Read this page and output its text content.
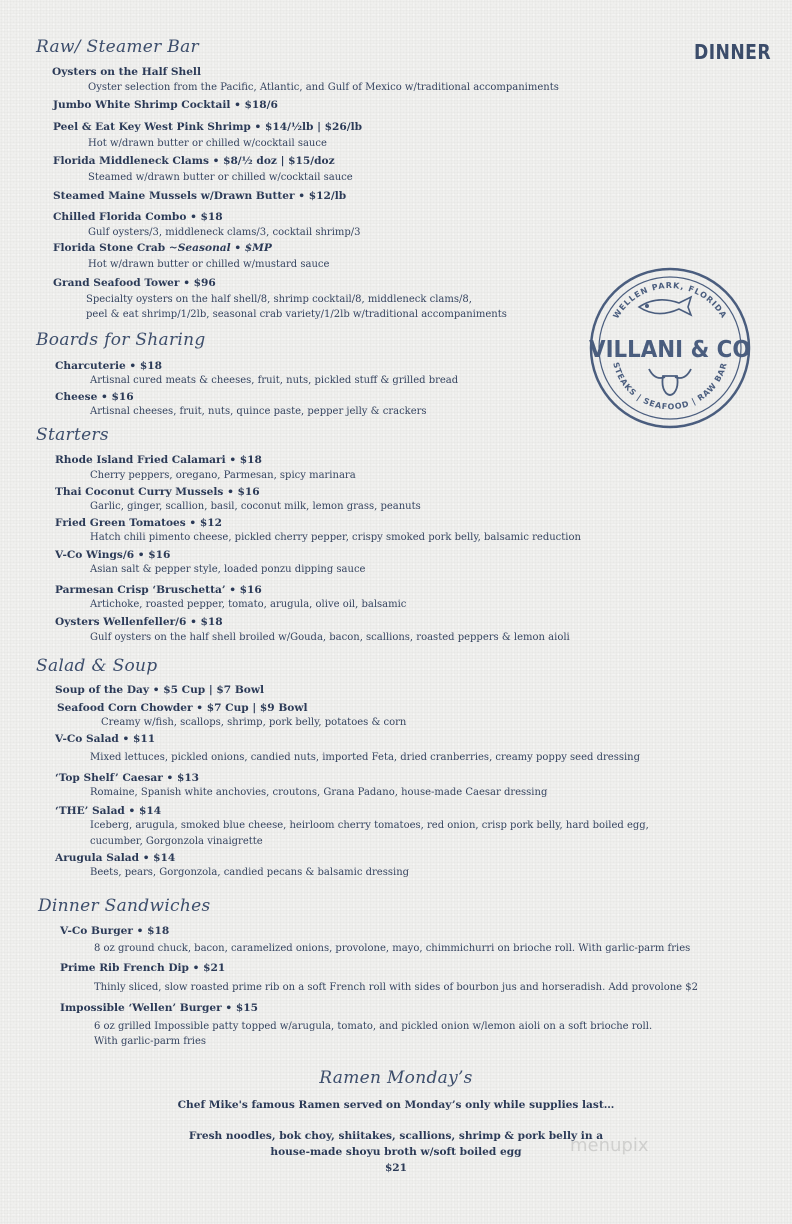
DINNER
Raw/ Steamer Bar
Oysters on the Half Shell
Oyster selection from the Pacific, Atlantic, and Gulf of Mexico w/traditional accompaniments
Jumbo White Shrimp Cocktail • $18/6
Peel & Eat Key West Pink Shrimp • $14/½lb | $26/lb
Hot w/drawn butter or chilled w/cocktail sauce
Florida Middleneck Clams • $8/½ doz | $15/doz
Steamed w/drawn butter or chilled w/cocktail sauce
Steamed Maine Mussels w/Drawn Butter • $12/lb
Chilled Florida Combo • $18
Gulf oysters/3, middleneck clams/3, cocktail shrimp/3
Florida Stone Crab ~Seasonal • $MP
Hot w/drawn butter or chilled w/mustard sauce
Grand Seafood Tower • $96
Specialty oysters on the half shell/8, shrimp cocktail/8, middleneck clams/8,
peel & eat shrimp/1/2lb, seasonal crab variety/1/2lb w/traditional accompaniments	WELLEN PARK, FLORIDA
VILLANI & CO
STEAKS | SEAFOOD | RAW BAR
Boards for Sharing
Charcuterie • $18
Artisnal cured meats & cheeses, fruit, nuts, pickled stuff & grilled bread
Cheese • $16
Artisnal cheeses, fruit, nuts, quince paste, pepper jelly & crackers
Starters
Rhode Island Fried Calamari • $18
Cherry peppers, oregano, Parmesan, spicy marinara
Thai Coconut Curry Mussels • $16
Garlic, ginger, scallion, basil, coconut milk, lemon grass, peanuts
Fried Green Tomatoes • $12
Hatch chili pimento cheese, pickled cherry pepper, crispy smoked pork belly, balsamic reduction
V-Co Wings/6 • $16
Asian salt & pepper style, loaded ponzu dipping sauce
Parmesan Crisp ‘Bruschetta’ • $16
Artichoke, roasted pepper, tomato, arugula, olive oil, balsamic
Oysters Wellenfeller/6 • $18
Gulf oysters on the half shell broiled w/Gouda, bacon, scallions, roasted peppers & lemon aioli
Salad & Soup
Soup of the Day • $5 Cup | $7 Bowl
Seafood Corn Chowder • $7 Cup | $9 Bowl
Creamy w/fish, scallops, shrimp, pork belly, potatoes & corn
V-Co Salad • $11
Mixed lettuces, pickled onions, candied nuts, imported Feta, dried cranberries, creamy poppy seed dressing
‘Top Shelf’ Caesar • $13
Romaine, Spanish white anchovies, croutons, Grana Padano, house-made Caesar dressing
‘THE’ Salad • $14
Iceberg, arugula, smoked blue cheese, heirloom cherry tomatoes, red onion, crisp pork belly, hard boiled egg,
cucumber, Gorgonzola vinaigrette
Arugula Salad • $14
Beets, pears, Gorgonzola, candied pecans & balsamic dressing
Dinner Sandwiches
V-Co Burger • $18
8 oz ground chuck, bacon, caramelized onions, provolone, mayo, chimmichurri on brioche roll. With garlic-parm fries
Prime Rib French Dip • $21
Thinly sliced, slow roasted prime rib on a soft French roll with sides of bourbon jus and horseradish. Add provolone $2
Impossible ‘Wellen’ Burger • $15
6 oz grilled Impossible patty topped w/arugula, tomato, and pickled onion w/lemon aioli on a soft brioche roll.
With garlic-parm fries
Ramen Monday’s
Chef Mike's famous Ramen served on Monday’s only while supplies last…
Fresh noodles, bok choy, shiitakes, scallions, shrimp & pork belly in a
house-made shoyu broth w/soft boiled egg
$21
menupix
